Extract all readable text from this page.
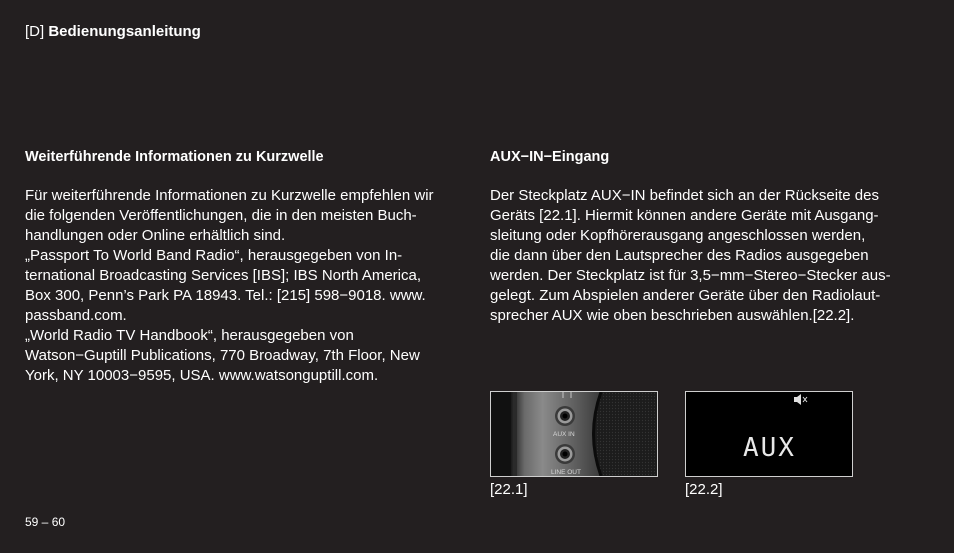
[D] Bedienungsanleitung
Weiterführende Informationen zu Kurzwelle
Für weiterführende Informationen zu Kurzwelle empfehlen wir
die folgenden Veröffentlichungen, die in den meisten Buch-
handlungen oder Online erhältlich sind.
„Passport To World Band Radio“, herausgegeben von In-
ternational Broadcasting Services [IBS]; IBS North America,
Box 300, Penn’s Park PA 18943. Tel.: [215] 598−9018. www.
passband.com.
„World Radio TV Handbook“, herausgegeben von
Watson−Guptill Publications, 770 Broadway, 7th Floor, New
York, NY 10003−9595, USA. www.watsonguptill.com.
AUX−IN−Eingang
Der Steckplatz AUX−IN befindet sich an der Rückseite des
Geräts [22.1]. Hiermit können andere Geräte mit Ausgang-
sleitung oder Kopfhörerausgang angeschlossen werden,
die dann über den Lautsprecher des Radios ausgegeben
werden. Der Steckplatz ist für 3,5−mm−Stereo−Stecker aus-
gelegt. Zum Abspielen anderer Geräte über den Radiolaut-
sprecher AUX wie oben beschrieben auswählen.[22.2].
AUX IN
LINE OUT
[22.1]
AUX
[22.2]
59 – 60
